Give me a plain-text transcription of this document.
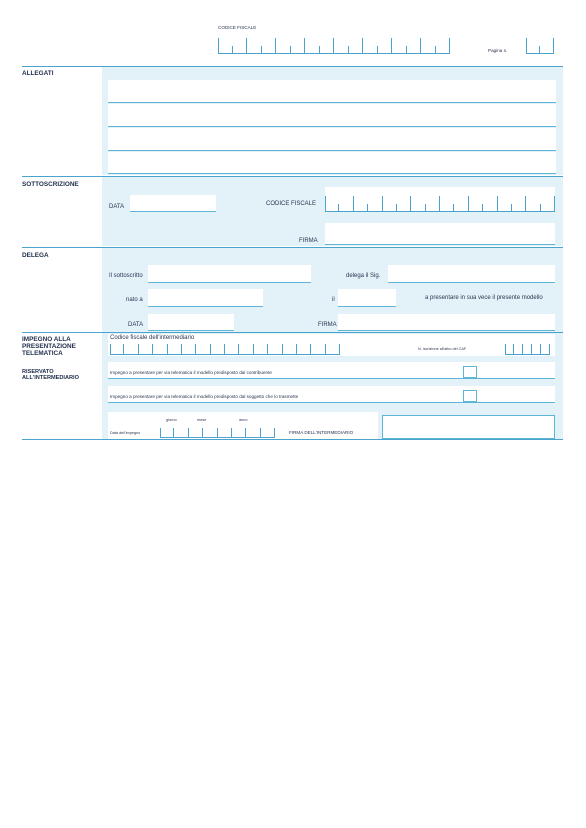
CODICE FISCALE
Pagina n.
ALLEGATI
SOTTOSCRIZIONE
DATA	CODICE FISCALE
FIRMA
DELEGA
Il sottoscritto	delega il Sig.
nato a	il	a presentare in sua vece il presente modello
DATA	FIRMA
IMPEGNO ALLA
PRESENTAZIONE
TELEMATICA
RISERVATO
ALL'INTERMEDIARIO
Codice fiscale dell'intermediario
N. iscrizione all'albo dei CAF
Impegno a presentare per via telematica il modello predisposto dal contribuente
Impegno a presentare per via telematica il modello predisposto dal soggetto che lo trasmette
giorno	mese	anno
Data dell'impegno	FIRMA DELL'INTERMEDIARIO
· · · · · · · · · · · · · · ·
